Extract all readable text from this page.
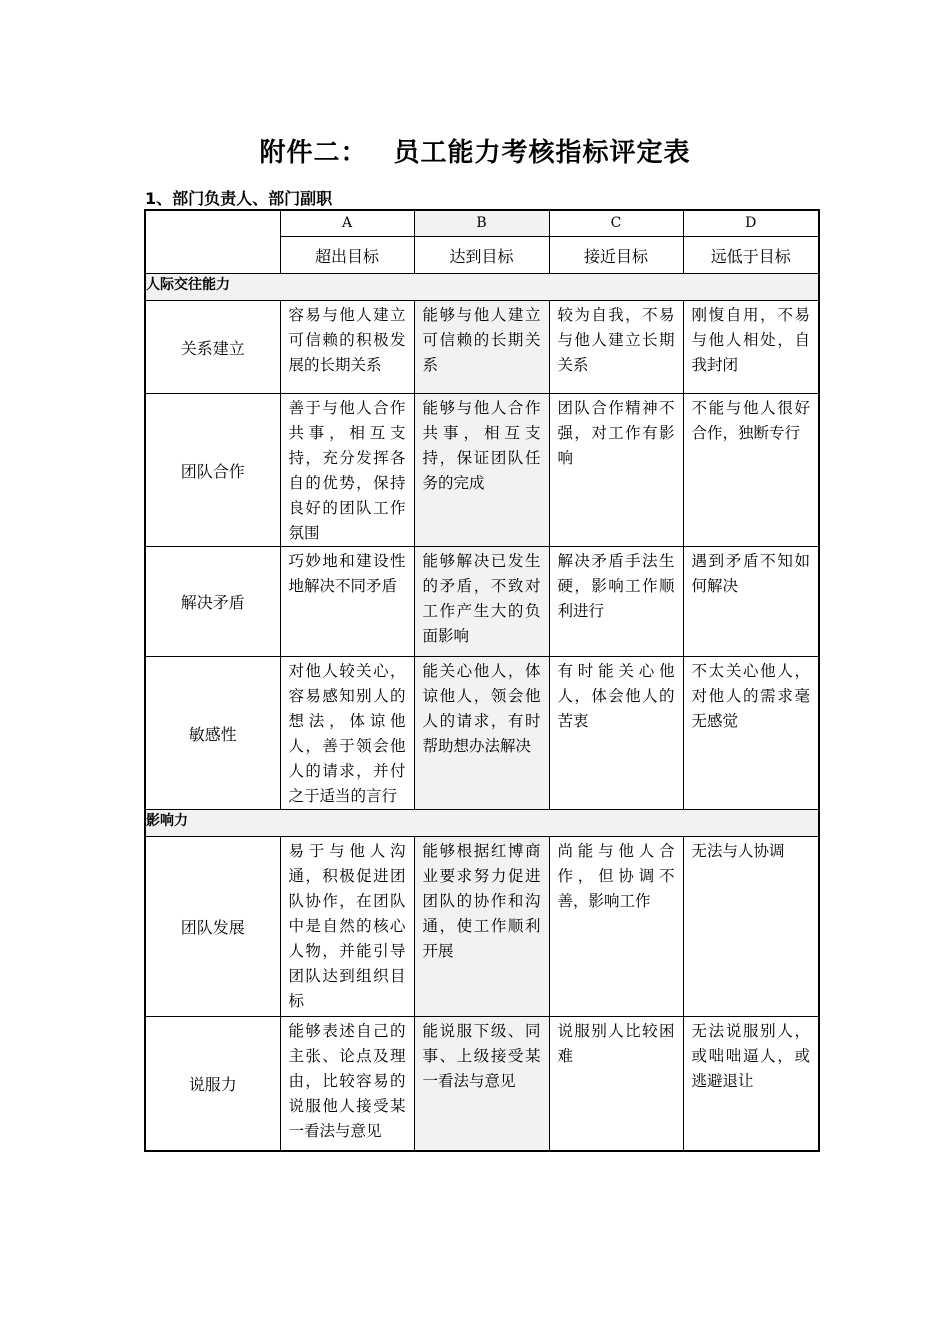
附件二： 员工能力考核指标评定表
1、部门负责人、部门副职
	A	B	C	D
	超出目标	达到目标	接近目标	远低于目标
人际交往能力				
关系建立	容易与他人建立可信赖的积极发展的长期关系	能够与他人建立可信赖的长期关系	较为自我，不易与他人建立长期关系	刚愎自用，不易与他人相处，自我封闭
团队合作	善于与他人合作共事，相互支持，充分发挥各自的优势，保持良好的团队工作氛围	能够与他人合作共事，相互支持，保证团队任务的完成	团队合作精神不强，对工作有影响	不能与他人很好合作，独断专行
解决矛盾	巧妙地和建设性地解决不同矛盾	能够解决已发生的矛盾，不致对工作产生大的负面影响	解决矛盾手法生硬，影响工作顺利进行	遇到矛盾不知如何解决
敏感性	对他人较关心，容易感知别人的想法，体谅他人，善于领会他人的请求，并付之于适当的言行	能关心他人，体谅他人，领会他人的请求，有时帮助想办法解决	有时能关心他人，体会他人的苦衷	不太关心他人，对他人的需求毫无感觉
影响力				
团队发展	易于与他人沟通，积极促进团队协作，在团队中是自然的核心人物，并能引导团队达到组织目标	能够根据红博商业要求努力促进团队的协作和沟通，使工作顺利开展	尚能与他人合作，但协调不善，影响工作	无法与人协调
说服力	能够表述自己的主张、论点及理由，比较容易的说服他人接受某一看法与意见	能说服下级、同事、上级接受某一看法与意见	说服别人比较困难	无法说服别人，或咄咄逼人，或逃避退让
